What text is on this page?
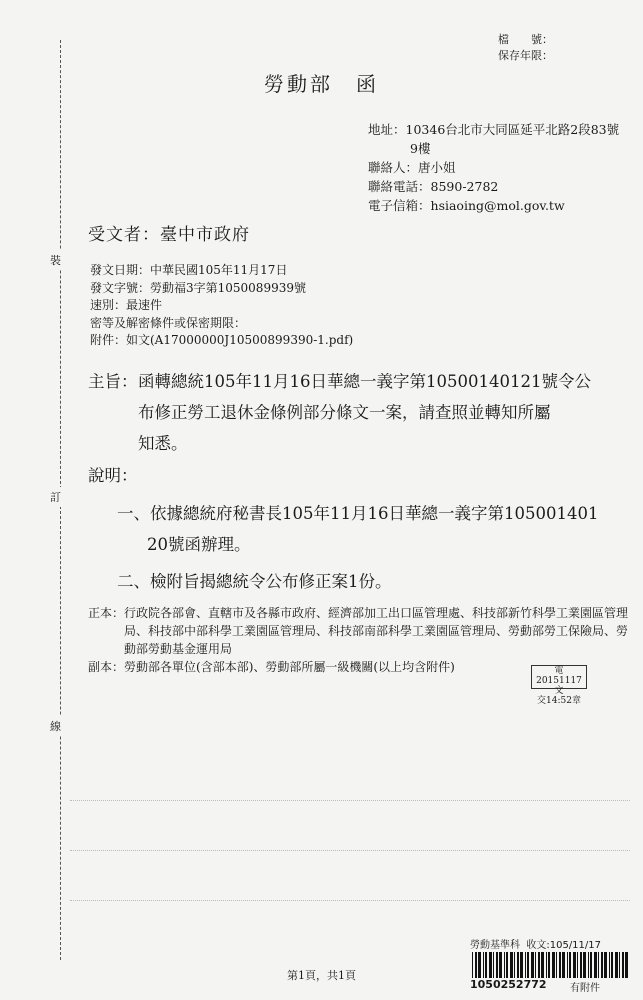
裝
訂
線
檔　　號：
保存年限：
勞動部　函
地址： 10346台北市大同區延平北路2段83號
9樓
聯絡人： 唐小姐
聯絡電話： 8590-2782
電子信箱： hsiaoing@mol.gov.tw
受文者：臺中市政府
發文日期：中華民國105年11月17日
發文字號：勞動福3字第1050089939號
速別：最速件
密等及解密條件或保密期限：
附件：如文(A17000000J10500899390-1.pdf)
主旨： 函轉總統105年11月16日華總一義字第10500140121號令公
布修正勞工退休金條例部分條文一案，請查照並轉知所屬
知悉。
說明：
一、依據總統府秘書長105年11月16日華總一義字第105001401
20號函辦理。
二、檢附旨揭總統令公布修正案1份。
正本： 行政院各部會、直轄市及各縣市政府、經濟部加工出口區管理處、科技部新竹科學工業園區管理局、科技部中部科學工業園區管理局、科技部南部科學工業園區管理局、勞動部勞工保險局、勞動部勞動基金運用局
副本： 勞動部各單位(含部本部)、勞動部所屬一級機關(以上均含附件)	電20151117文
交14:52章
第1頁，共1頁
勞動基準科 收文:105/11/17
1050252772 有附件
